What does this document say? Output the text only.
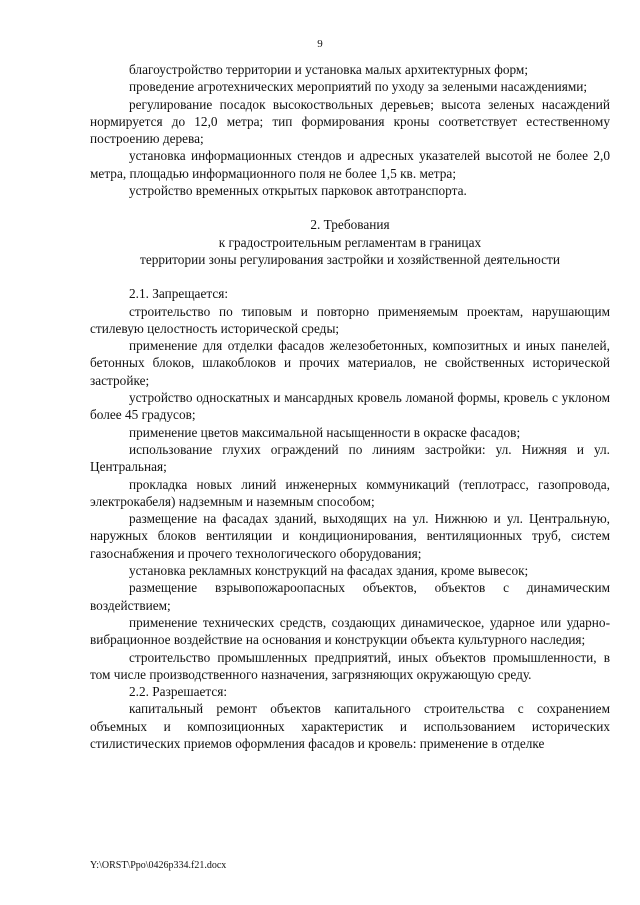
9

благоустройство территории и установка малых архитектурных форм;

проведение агротехнических мероприятий по уходу за зелеными насаждениями;

регулирование посадок высокоствольных деревьев; высота зеленых насаждений нормируется до 12,0 метра; тип формирования кроны соответствует естественному построению дерева;

установка информационных стендов и адресных указателей высотой не более 2,0 метра, площадью информационного поля не более 1,5 кв. метра;

устройство временных открытых парковок автотранспорта.

2. Требования

к градостроительным регламентам в границах

территории зоны регулирования застройки и хозяйственной деятельности

2.1. Запрещается:

строительство по типовым и повторно применяемым проектам, нарушающим стилевую целостность исторической среды;

применение для отделки фасадов железобетонных, композитных и иных панелей, бетонных блоков, шлакоблоков и прочих материалов, не свойственных исторической застройке;

устройство односкатных и мансардных кровель ломаной формы, кровель с уклоном более 45 градусов;

применение цветов максимальной насыщенности в окраске фасадов;

использование глухих ограждений по линиям застройки: ул. Нижняя и ул. Центральная;

прокладка новых линий инженерных коммуникаций (теплотрасс, газопровода, электрокабеля) надземным и наземным способом;

размещение на фасадах зданий, выходящих на ул. Нижнюю и ул. Центральную, наружных блоков вентиляции и кондиционирования, вентиляционных труб, систем газоснабжения и прочего технологического оборудования;

установка рекламных конструкций на фасадах здания, кроме вывесок;

размещение взрывопожароопасных объектов, объектов с динамическим воздействием;

применение технических средств, создающих динамическое, ударное или ударно-вибрационное воздействие на основания и конструкции объекта культурного наследия;

строительство промышленных предприятий, иных объектов промышленности, в том числе производственного назначения, загрязняющих окружающую среду.

2.2. Разрешается:

капитальный ремонт объектов капитального строительства с сохранением объемных и композиционных характеристик и использованием исторических стилистических приемов оформления фасадов и кровель: применение в отделке

Y:\ORST\Ppo\0426p334.f21.docx
